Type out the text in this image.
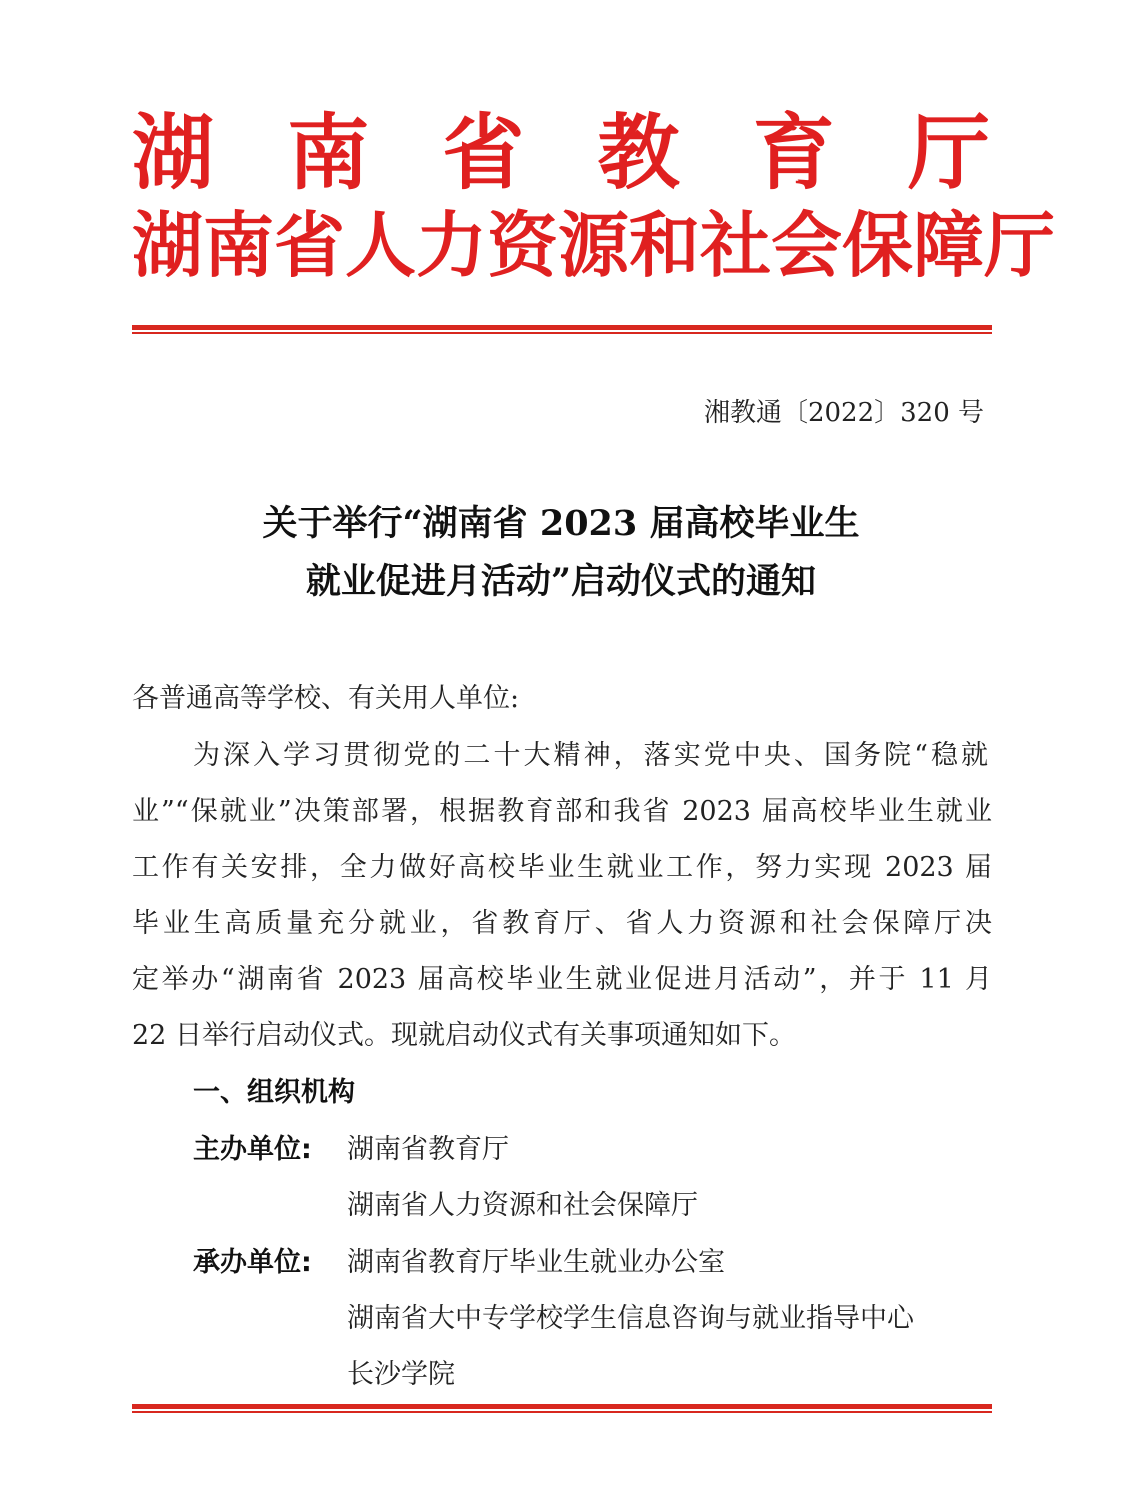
湖 南 省 教 育 厅
湖南省人力资源和社会保障厅
湘教通〔2022〕320 号
关于举行“湖南省 2023 届高校毕业生
就业促进月活动”启动仪式的通知
各普通高等学校、有关用人单位:
为深入学习贯彻党的二十大精神，落实党中央、国务院“稳就
业”“保就业”决策部署，根据教育部和我省 2023 届高校毕业生就业
工作有关安排，全力做好高校毕业生就业工作，努力实现 2023 届
毕业生高质量充分就业，省教育厅、省人力资源和社会保障厅决
定举办“湖南省 2023 届高校毕业生就业促进月活动”，并于 11 月
22 日举行启动仪式。现就启动仪式有关事项通知如下。
一、组织机构
主办单位: 湖南省教育厅
湖南省人力资源和社会保障厅
承办单位: 湖南省教育厅毕业生就业办公室
湖南省大中专学校学生信息咨询与就业指导中心
长沙学院
